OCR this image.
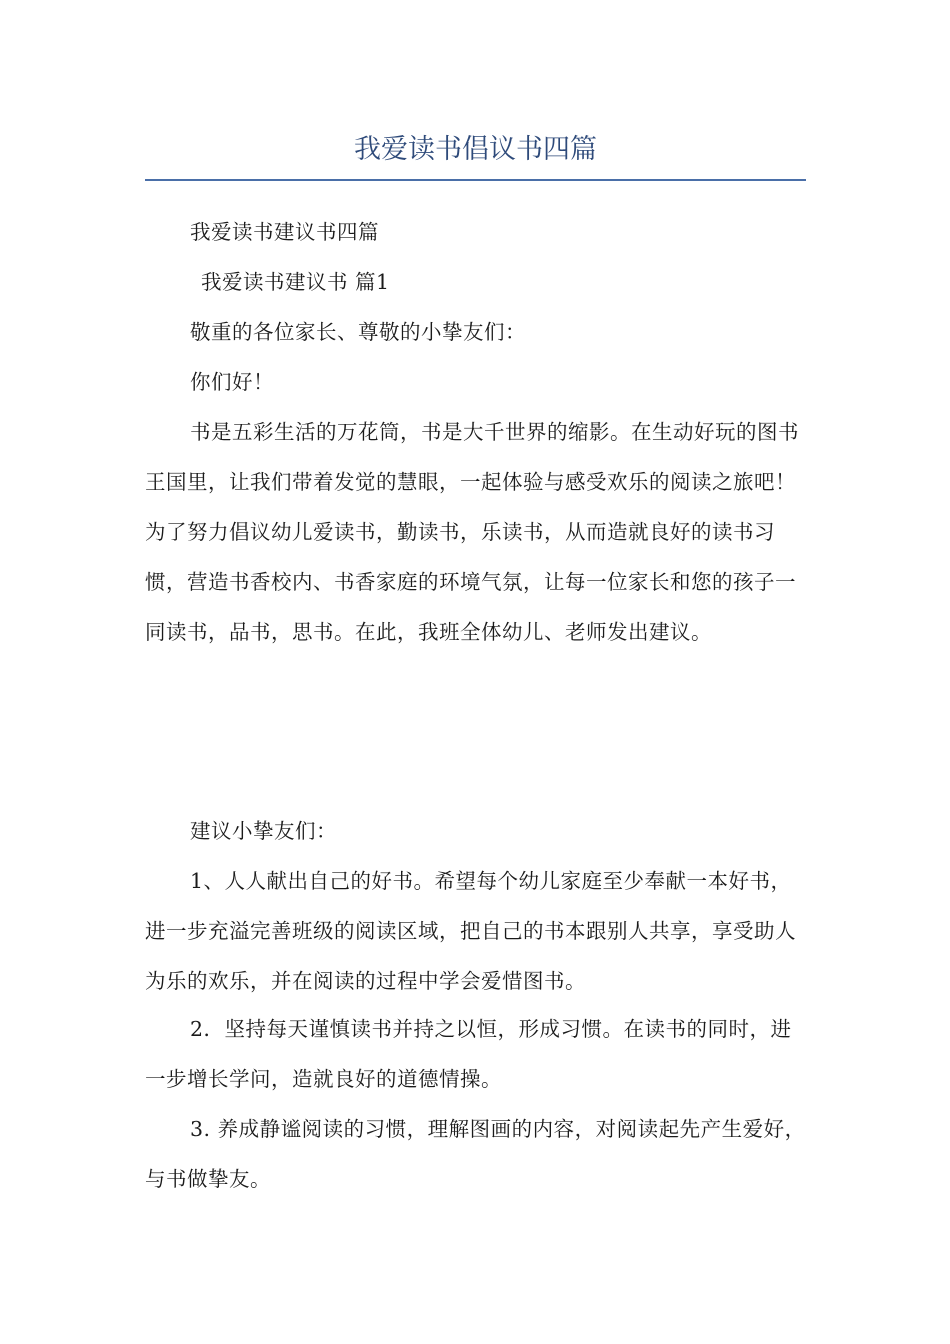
我爱读书倡议书四篇

我爱读书建议书四篇

我爱读书建议书 篇1

敬重的各位家长、尊敬的小挚友们：

你们好！

书是五彩生活的万花筒，书是大千世界的缩影。在生动好玩的图书王国里，让我们带着发觉的慧眼，一起体验与感受欢乐的阅读之旅吧！为了努力倡议幼儿爱读书，勤读书，乐读书，从而造就良好的读书习惯，营造书香校内、书香家庭的环境气氛，让每一位家长和您的孩子一同读书，品书，思书。在此，我班全体幼儿、老师发出建议。

建议小挚友们：

1、人人献出自己的好书。希望每个幼儿家庭至少奉献一本好书，进一步充溢完善班级的阅读区域，把自己的书本跟别人共享，享受助人为乐的欢乐，并在阅读的过程中学会爱惜图书。

2．坚持每天谨慎读书并持之以恒，形成习惯。在读书的同时，进一步增长学问，造就良好的道德情操。

3. 养成静谧阅读的习惯，理解图画的内容，对阅读起先产生爱好，与书做挚友。
